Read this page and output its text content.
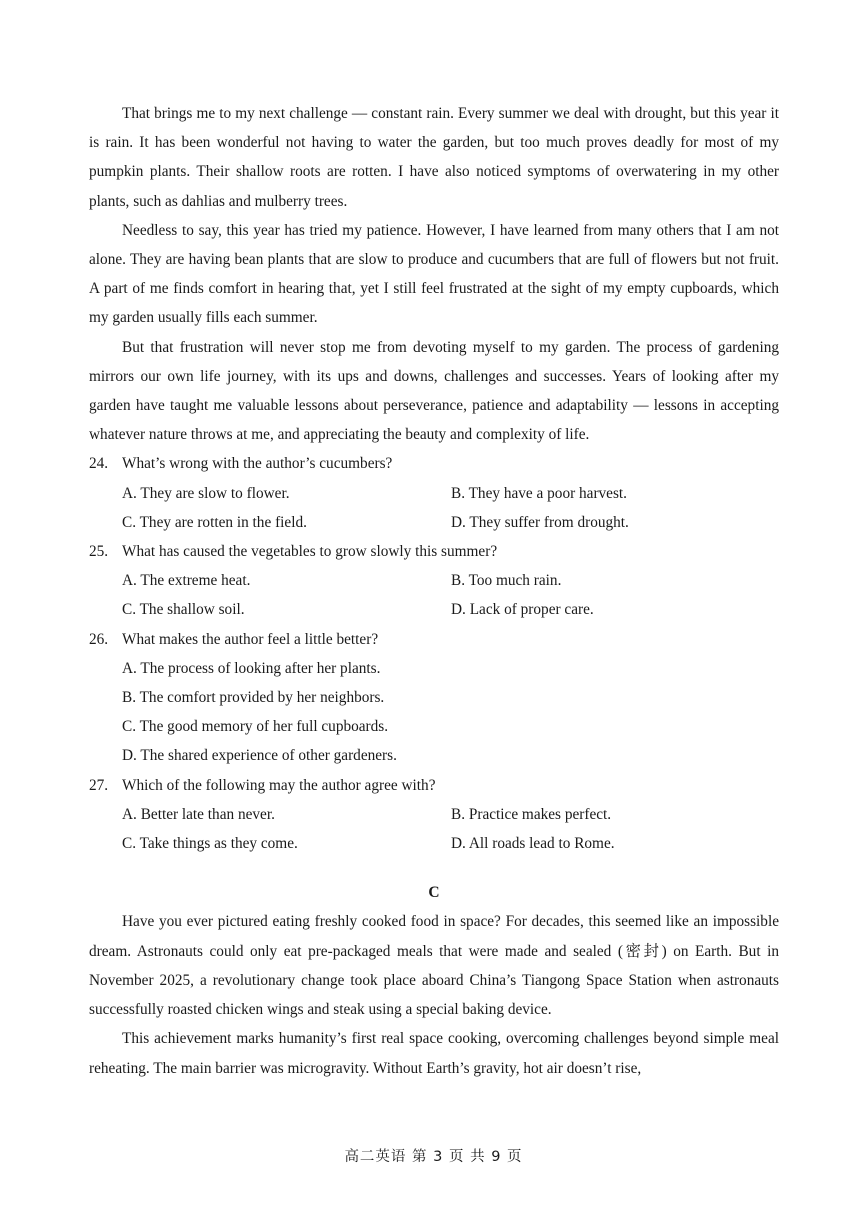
That brings me to my next challenge — constant rain. Every summer we deal with drought, but this year it is rain. It has been wonderful not having to water the garden, but too much proves deadly for most of my pumpkin plants. Their shallow roots are rotten. I have also noticed symptoms of overwatering in my other plants, such as dahlias and mulberry trees.

Needless to say, this year has tried my patience. However, I have learned from many others that I am not alone. They are having bean plants that are slow to produce and cucumbers that are full of flowers but not fruit. A part of me finds comfort in hearing that, yet I still feel frustrated at the sight of my empty cupboards, which my garden usually fills each summer.

But that frustration will never stop me from devoting myself to my garden. The process of gardening mirrors our own life journey, with its ups and downs, challenges and successes. Years of looking after my garden have taught me valuable lessons about perseverance, patience and adaptability — lessons in accepting whatever nature throws at me, and appreciating the beauty and complexity of life.

24. What’s wrong with the author’s cucumbers?

A. They are slow to flower.	B. They have a poor harvest.

C. They are rotten in the field.	D. They suffer from drought.

25. What has caused the vegetables to grow slowly this summer?

A. The extreme heat.	B. Too much rain.

C. The shallow soil.	D. Lack of proper care.

26. What makes the author feel a little better?

A. The process of looking after her plants.

B. The comfort provided by her neighbors.

C. The good memory of her full cupboards.

D. The shared experience of other gardeners.

27. Which of the following may the author agree with?

A. Better late than never.	B. Practice makes perfect.

C. Take things as they come.	D. All roads lead to Rome.

C

Have you ever pictured eating freshly cooked food in space? For decades, this seemed like an impossible dream. Astronauts could only eat pre-packaged meals that were made and sealed (密封) on Earth. But in November 2025, a revolutionary change took place aboard China’s Tiangong Space Station when astronauts successfully roasted chicken wings and steak using a special baking device.

This achievement marks humanity’s first real space cooking, overcoming challenges beyond simple meal reheating. The main barrier was microgravity. Without Earth’s gravity, hot air doesn’t rise,

高二英语 第 3 页 共 9 页
